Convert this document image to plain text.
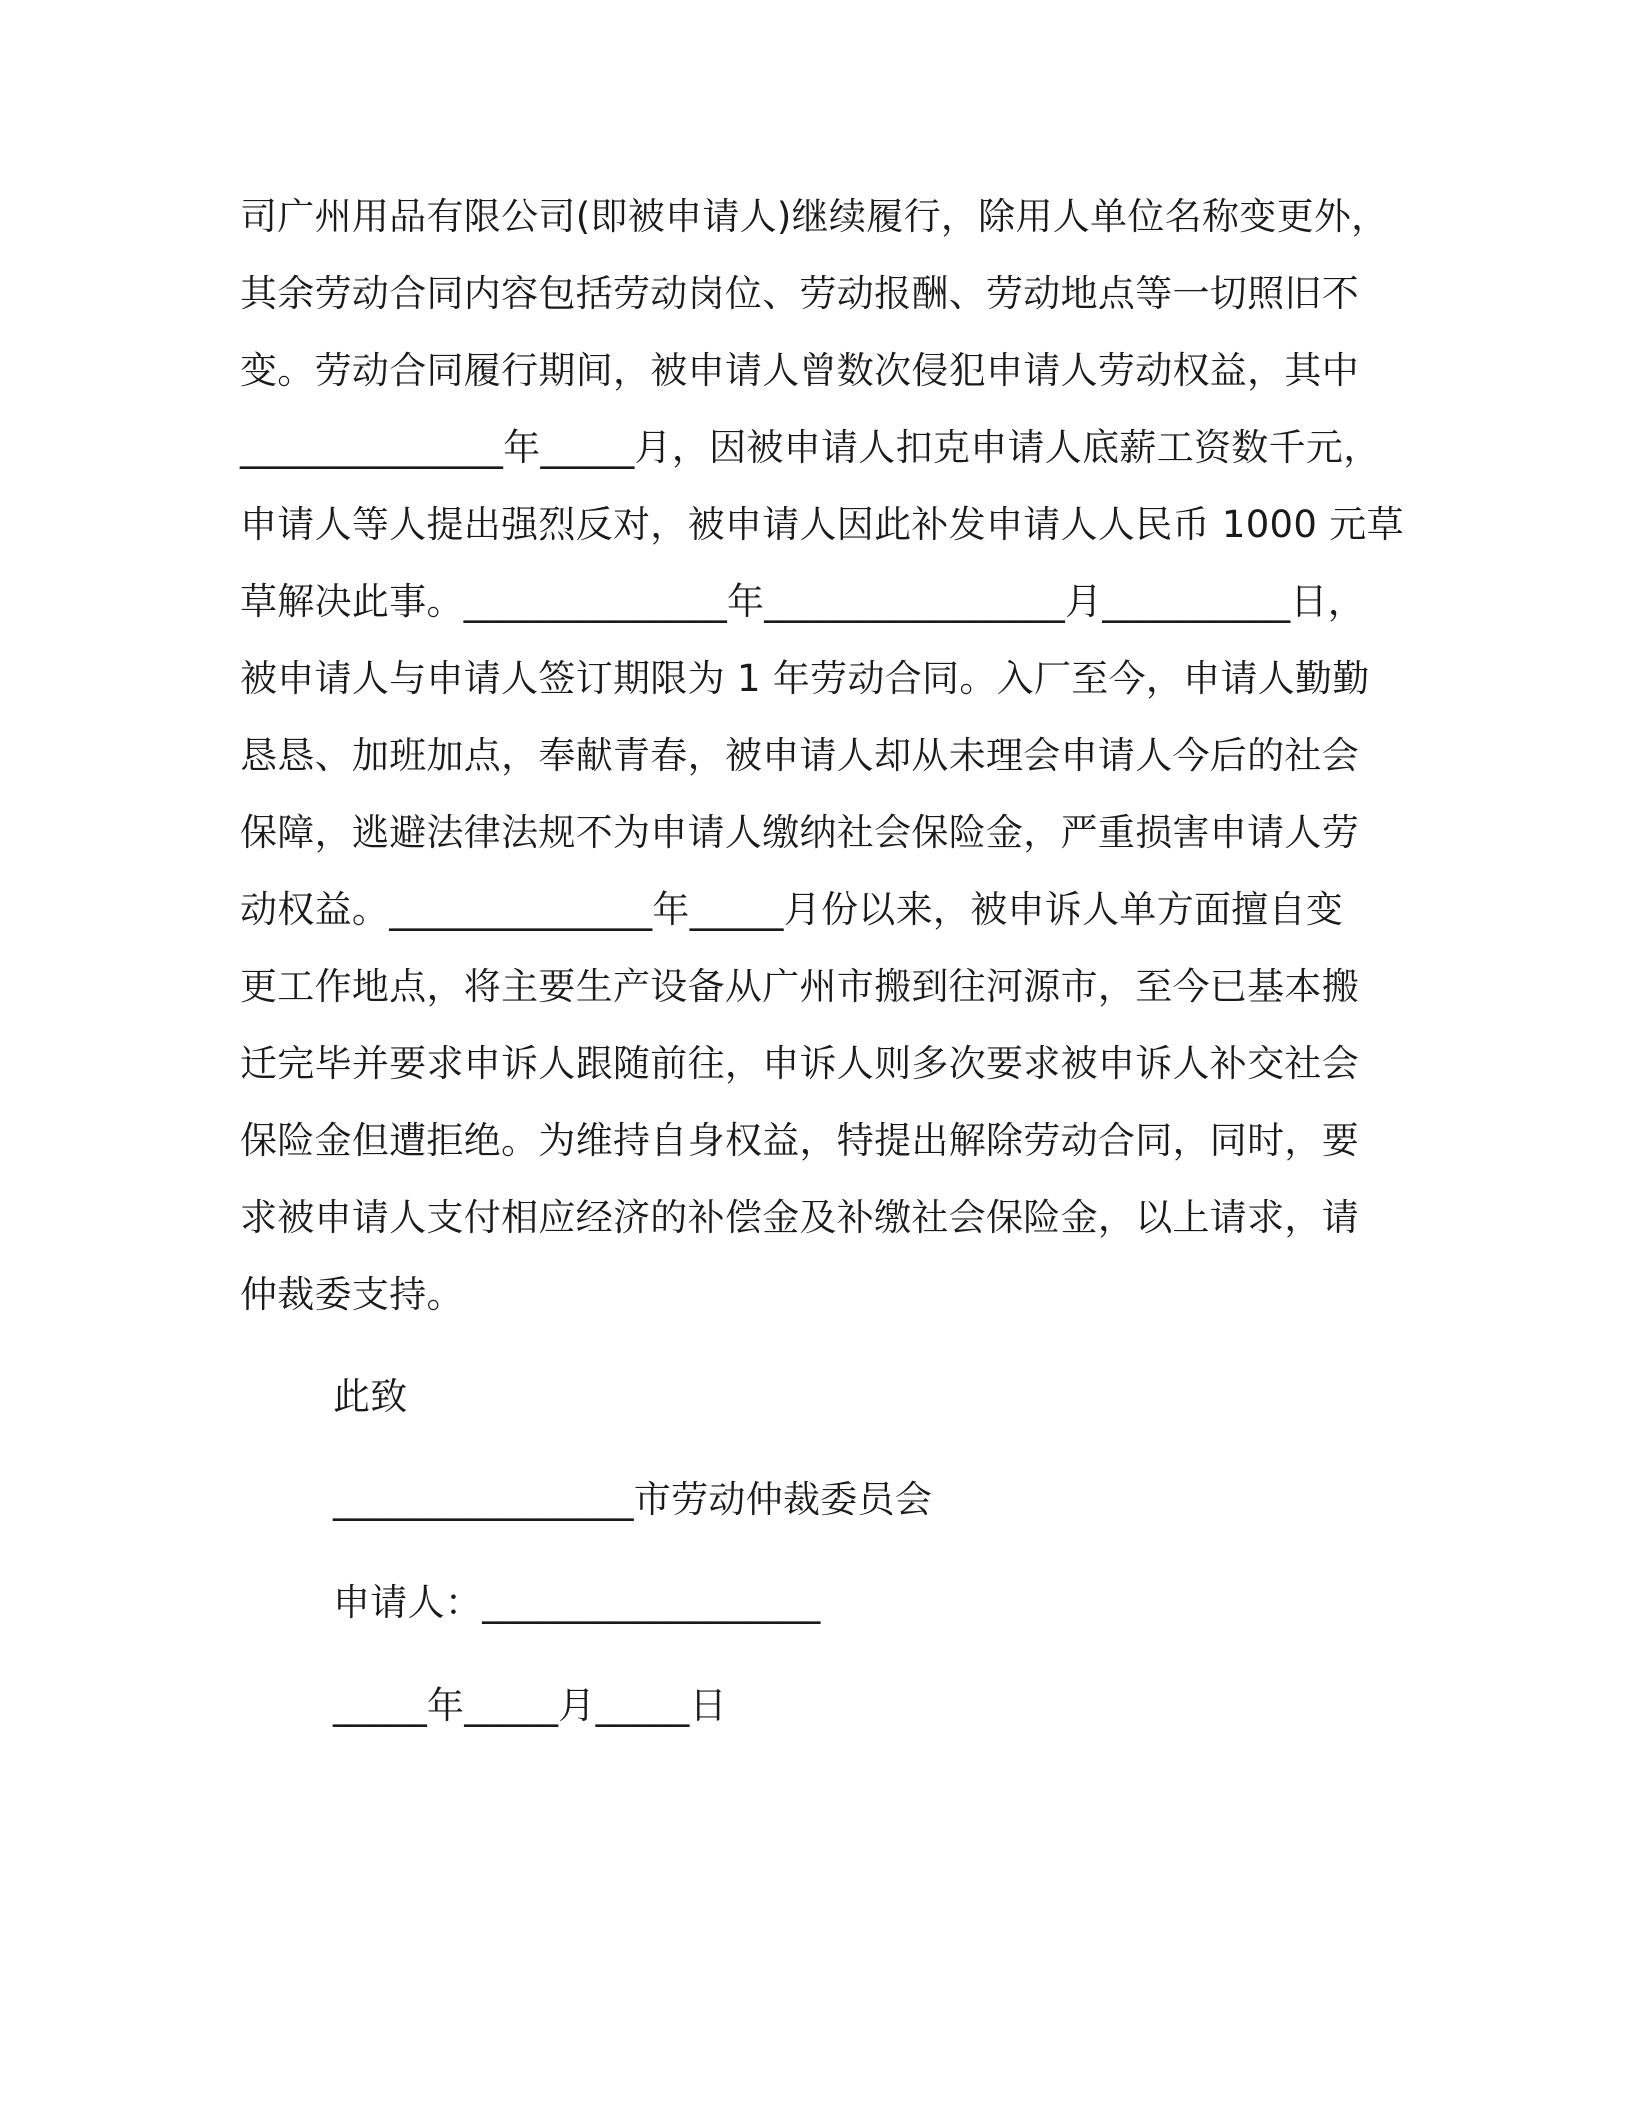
司广州用品有限公司(即被申请人)继续履行，除用人单位名称变更外，
其余劳动合同内容包括劳动岗位、劳动报酬、劳动地点等一切照旧不
变。劳动合同履行期间，被申请人曾数次侵犯申请人劳动权益，其中
______________年_____月，因被申请人扣克申请人底薪工资数千元，
申请人等人提出强烈反对，被申请人因此补发申请人人民币 1000 元草
草解决此事。______________年________________月__________日，
被申请人与申请人签订期限为 1 年劳动合同。入厂至今，申请人勤勤
恳恳、加班加点，奉献青春，被申请人却从未理会申请人今后的社会
保障，逃避法律法规不为申请人缴纳社会保险金，严重损害申请人劳
动权益。______________年_____月份以来，被申诉人单方面擅自变
更工作地点，将主要生产设备从广州市搬到往河源市，至今已基本搬
迁完毕并要求申诉人跟随前往，申诉人则多次要求被申诉人补交社会
保险金但遭拒绝。为维持自身权益，特提出解除劳动合同，同时，要
求被申请人支付相应经济的补偿金及补缴社会保险金，以上请求，请
仲裁委支持。
此致
________________市劳动仲裁委员会
申请人：__________________
_____年_____月_____日
